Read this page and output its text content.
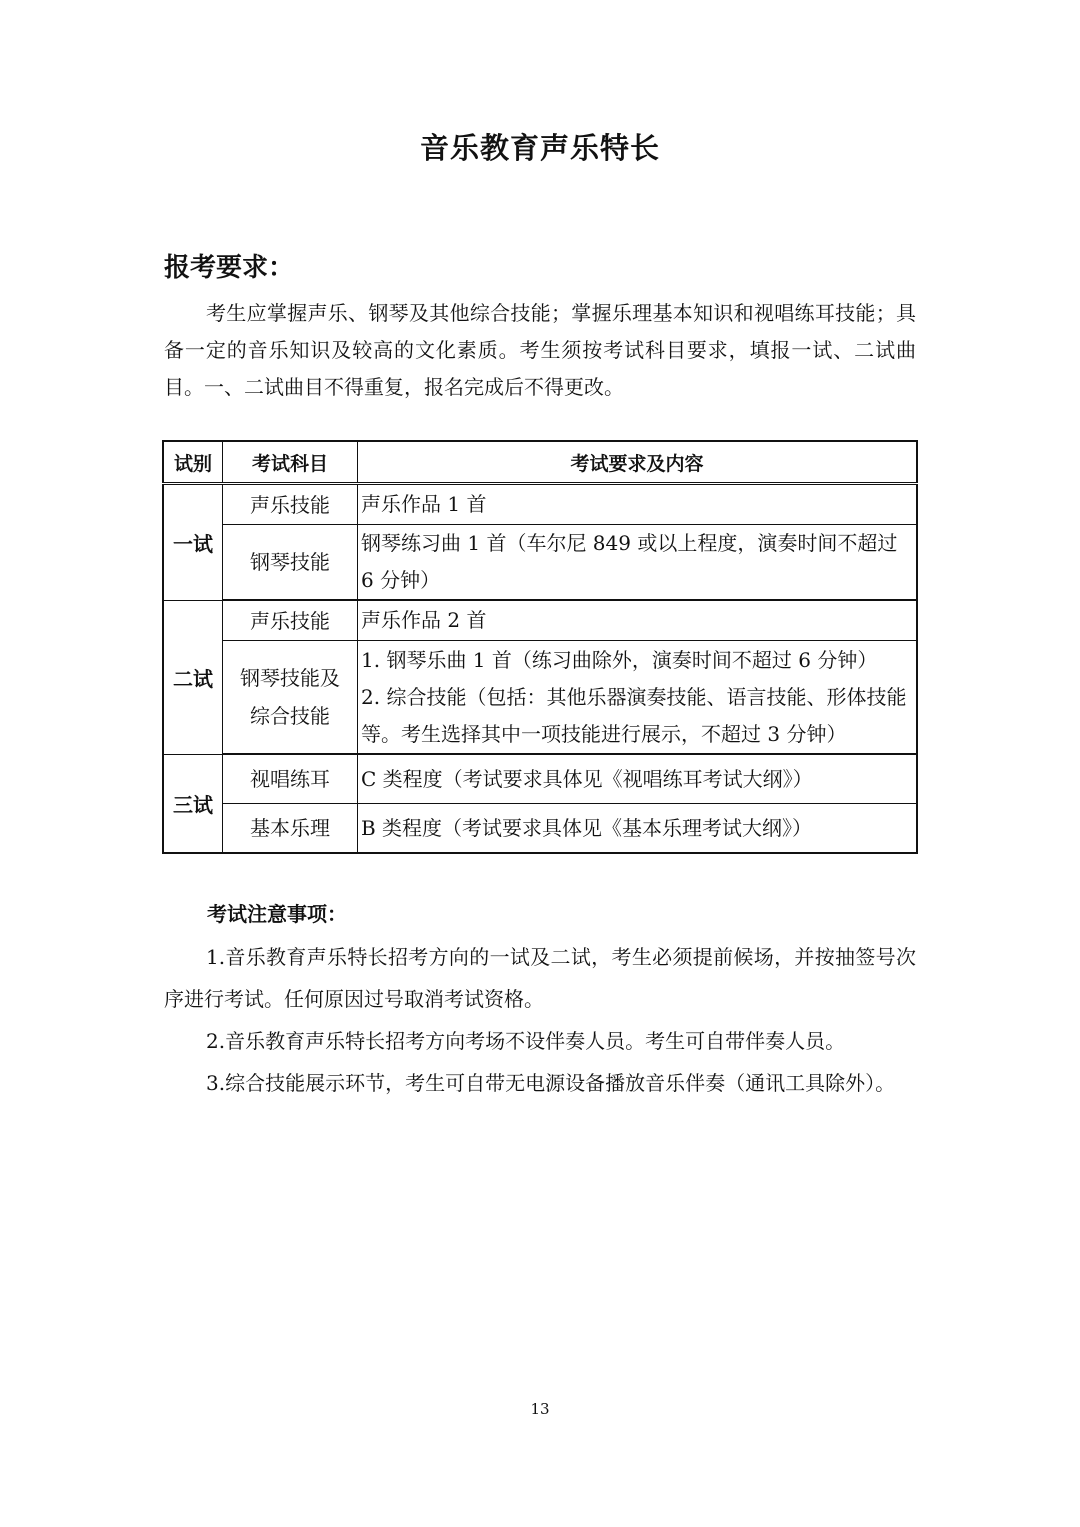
音乐教育声乐特长
报考要求：

考生应掌握声乐、钢琴及其他综合技能；掌握乐理基本知识和视唱练耳技能；具备一定的音乐知识及较高的文化素质。考生须按考试科目要求，填报一试、二试曲目。一、二试曲目不得重复，报名完成后不得更改。

试别	考试科目	考试要求及内容
一试	声乐技能	声乐作品 1 首

	钢琴技能	钢琴练习曲 1 首（车尔尼 849 或以上程度，演奏时间不超过 6 分钟）

二试	声乐技能	声乐作品 2 首

	钢琴技能及综合技能	1. 钢琴乐曲 1 首（练习曲除外，演奏时间不超过 6 分钟）
2. 综合技能（包括：其他乐器演奏技能、语言技能、形体技能等。考生选择其中一项技能进行展示，不超过 3 分钟）

三试	视唱练耳	C 类程度（考试要求具体见《视唱练耳考试大纲》）

	基本乐理	B 类程度（考试要求具体见《基本乐理考试大纲》）
考试注意事项：

1.音乐教育声乐特长招考方向的一试及二试，考生必须提前候场，并按抽签号次序进行考试。任何原因过号取消考试资格。

2.音乐教育声乐特长招考方向考场不设伴奏人员。考生可自带伴奏人员。

3.综合技能展示环节，考生可自带无电源设备播放音乐伴奏（通讯工具除外）。

13
